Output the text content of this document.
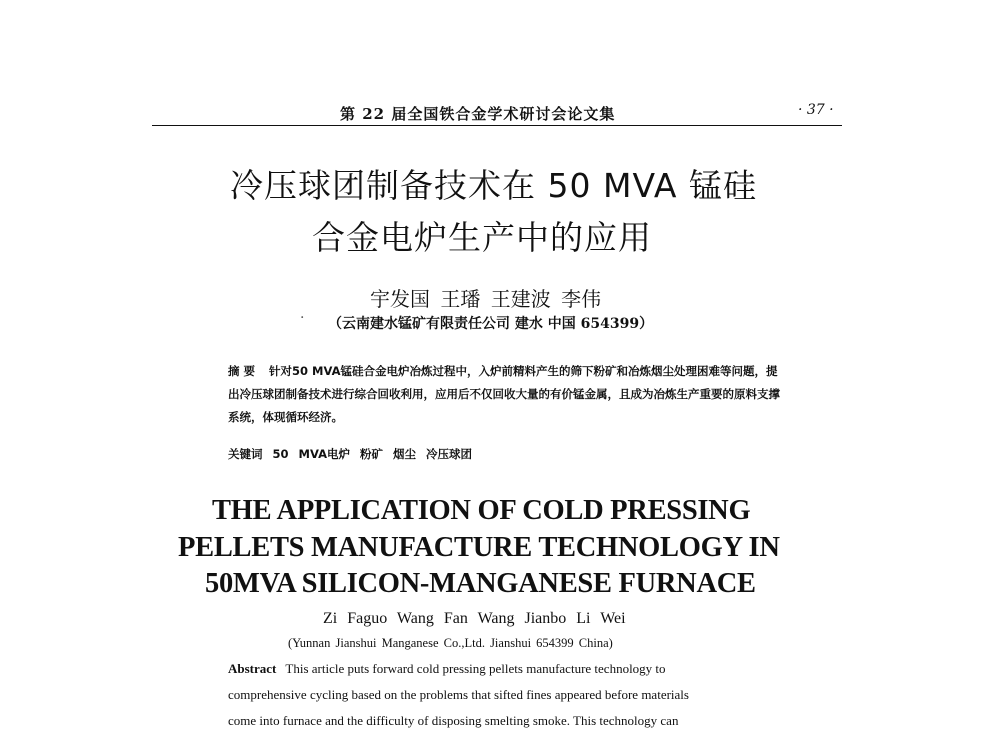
第 22 届全国铁合金学术研讨会论文集	· 37 ·
冷压球团制备技术在 50 MVA 锰硅
合金电炉生产中的应用
宇发国 王璠 王建波 李伟
· （云南建水锰矿有限责任公司 建水 中国 654399）

摘 要 针对50 MVA锰硅合金电炉冶炼过程中，入炉前精料产生的筛下粉矿和冶炼烟尘处理困难等问题，提出冷压球团制备技术进行综合回收利用，应用后不仅回收大量的有价锰金属，且成为冶炼生产重要的原料支撑系统，体现循环经济。

关键词 50 MVA电炉 粉矿 烟尘 冷压球团
THE APPLICATION OF COLD PRESSING
PELLETS MANUFACTURE TECHNOLOGY IN
50MVA SILICON-MANGANESE FURNACE
Zi Faguo Wang Fan Wang Jianbo Li Wei
(Yunnan Jianshui Manganese Co.,Ltd. Jianshui 654399 China)
Abstract This article puts forward cold pressing pellets manufacture technology to
comprehensive cycling based on the problems that sifted fines appeared before materials
come into furnace and the difficulty of disposing smelting smoke. This technology can
